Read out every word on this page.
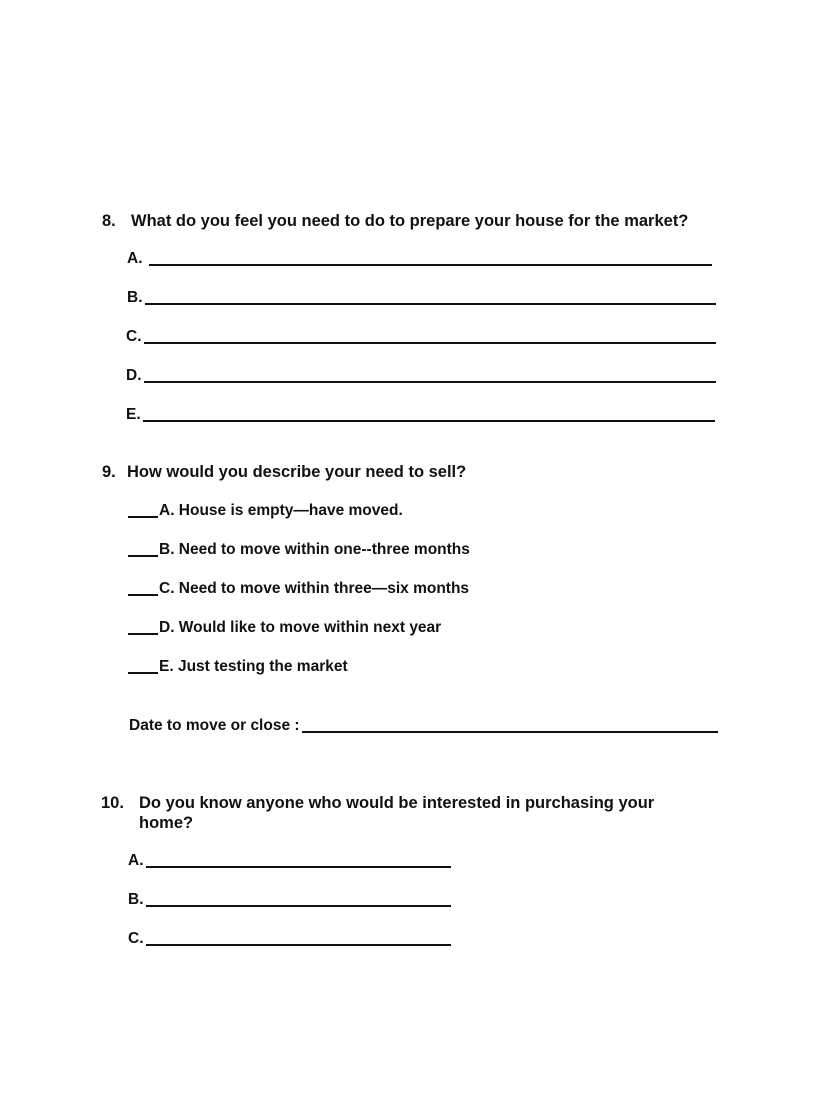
8. What do you feel you need to do to prepare your house for the market?
A.
B.
C.
D.
E.
9. How would you describe your need to sell?
A. House is empty—have moved.
B. Need to move within one--three months
C. Need to move within three—six months
D. Would like to move within next year
E. Just testing the market
Date to move or close :
10. Do you know anyone who would be interested in purchasing your home?
A.
B.
C.
